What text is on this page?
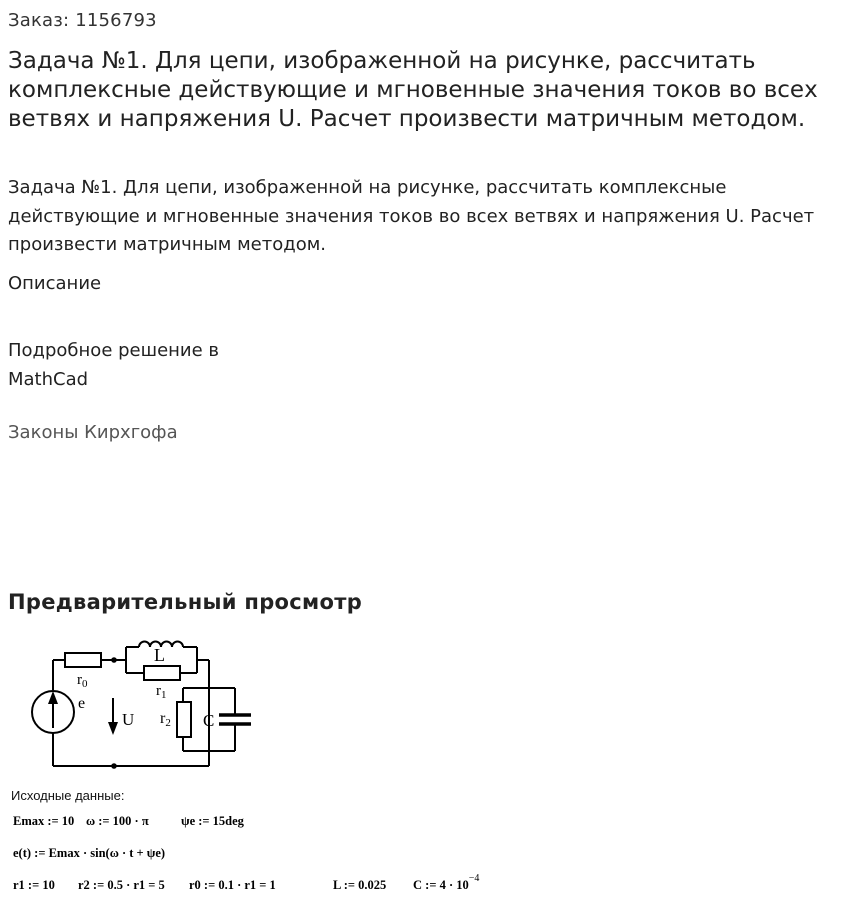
Заказ: 1156793
Задача №1. Для цепи, изображенной на рисунке, рассчитать комплексные действующие и мгновенные значения токов во всех ветвях и напряжения U. Расчет произвести матричным методом.
Задача №1. Для цепи, изображенной на рисунке, рассчитать комплексные действующие и мгновенные значения токов во всех ветвях и напряжения U. Расчет произвести матричным методом.
Описание
Подробное решение в MathCad
Законы Кирхгофа
Предварительный просмотр
L
$r_0$	$r_1$
e
U r2 C
Исходные данные:
Emax := 10 ω := 100 · π	ψe := 15deg
e(t) := Emax · sin(ω · t + ψe)
r1 := 10 r2 := 0.5 · r1 = 5 r0 := 0.1 · r1 = 1	L := 0.025 C := $4 \cdot 10^{-4}$
